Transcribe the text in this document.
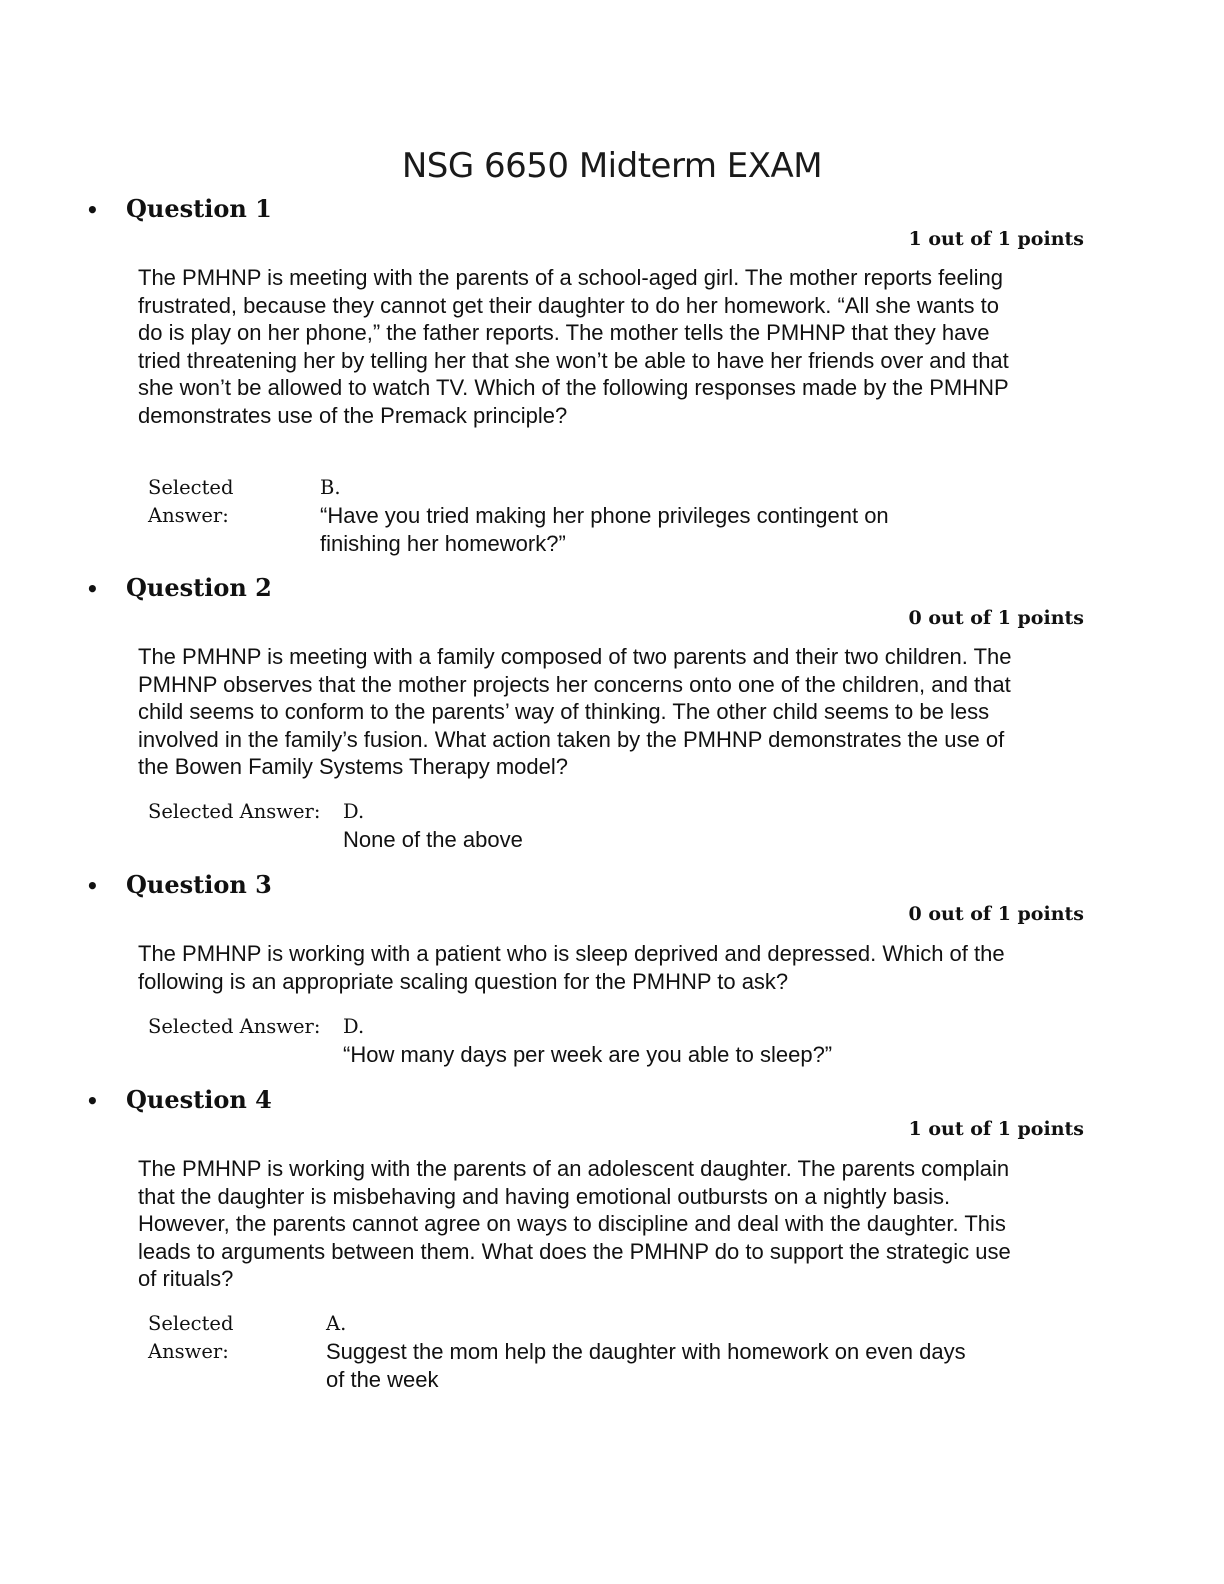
NSG 6650 Midterm EXAM
• Question 1
1 out of 1 points
The PMHNP is meeting with the parents of a school-aged girl. The mother reports feeling frustrated, because they cannot get their daughter to do her homework. “All she wants to do is play on her phone,” the father reports. The mother tells the PMHNP that they have tried threatening her by telling her that she won’t be able to have her friends over and that she won’t be allowed to watch TV. Which of the following responses made by the PMHNP demonstrates use of the Premack principle?
Selected Answer:
B.
“Have you tried making her phone privileges contingent on finishing her homework?”
• Question 2
0 out of 1 points
The PMHNP is meeting with a family composed of two parents and their two children. The PMHNP observes that the mother projects her concerns onto one of the children, and that child seems to conform to the parents’ way of thinking. The other child seems to be less involved in the family’s fusion. What action taken by the PMHNP demonstrates the use of the Bowen Family Systems Therapy model?
Selected Answer:	D.
None of the above
• Question 3
0 out of 1 points
The PMHNP is working with a patient who is sleep deprived and depressed. Which of the following is an appropriate scaling question for the PMHNP to ask?
Selected Answer:	D.
“How many days per week are you able to sleep?”
• Question 4
1 out of 1 points
The PMHNP is working with the parents of an adolescent daughter. The parents complain that the daughter is misbehaving and having emotional outbursts on a nightly basis. However, the parents cannot agree on ways to discipline and deal with the daughter. This leads to arguments between them. What does the PMHNP do to support the strategic use of rituals?
Selected Answer:
A.
Suggest the mom help the daughter with homework on even days of the week
